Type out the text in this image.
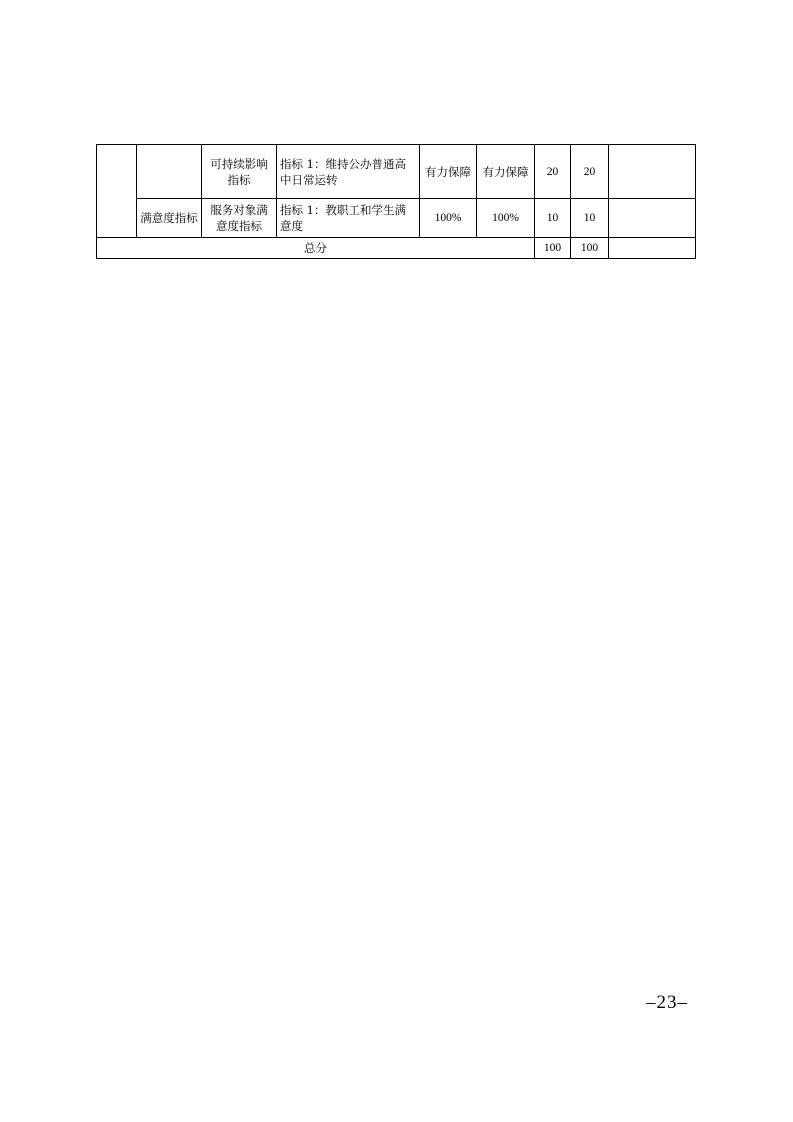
		可持续影响指标	指标 1：维持公办普通高中日常运转	有力保障	有力保障	20	20	
	满意度指标	服务对象满意度指标	指标 1：教职工和学生满意度	100%	100%	10	10	
总分						100	100	
–23–
